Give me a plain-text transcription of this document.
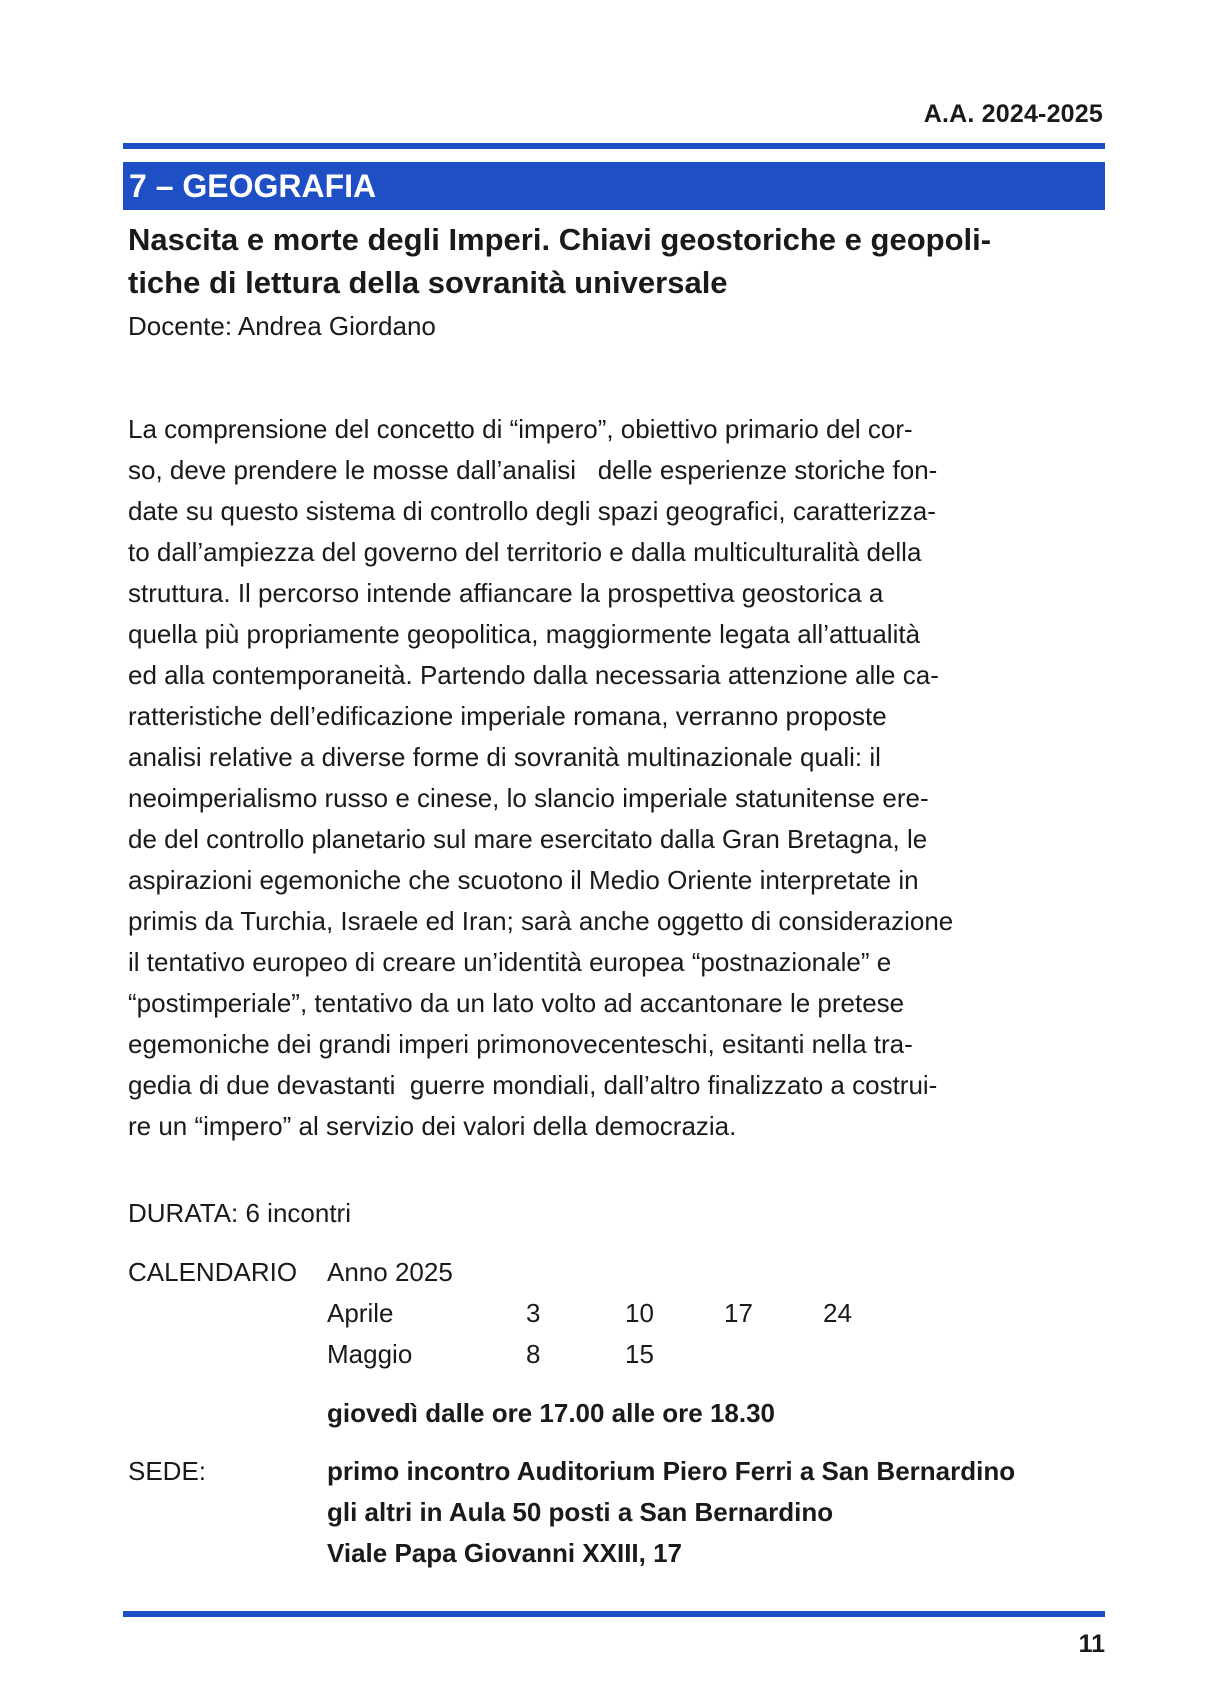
A.A. 2024-2025
7 – GEOGRAFIA
Nascita e morte degli Imperi. Chiavi geostoriche e geopoli-
tiche di lettura della sovranità universale
Docente: Andrea Giordano
La comprensione del concetto di “impero”, obiettivo primario del cor-
so, deve prendere le mosse dall’analisi   delle esperienze storiche fon-
date su questo sistema di controllo degli spazi geografici, caratterizza-
to dall’ampiezza del governo del territorio e dalla multiculturalità della
struttura. Il percorso intende affiancare la prospettiva geostorica a
quella più propriamente geopolitica, maggiormente legata all’attualità
ed alla contemporaneità. Partendo dalla necessaria attenzione alle ca-
ratteristiche dell’edificazione imperiale romana, verranno proposte
analisi relative a diverse forme di sovranità multinazionale quali: il
neoimperialismo russo e cinese, lo slancio imperiale statunitense ere-
de del controllo planetario sul mare esercitato dalla Gran Bretagna, le
aspirazioni egemoniche che scuotono il Medio Oriente interpretate in
primis da Turchia, Israele ed Iran; sarà anche oggetto di considerazione
il tentativo europeo di creare un’identità europea “postnazionale” e
“postimperiale”, tentativo da un lato volto ad accantonare le pretese
egemoniche dei grandi imperi primonovecenteschi, esitanti nella tra-
gedia di due devastanti  guerre mondiali, dall’altro finalizzato a costrui-
re un “impero” al servizio dei valori della democrazia.
DURATA: 6 incontri
CALENDARIO Anno 2025
Aprile	3	10	17	24
Maggio	8	15
giovedì dalle ore 17.00 alle ore 18.30
SEDE:	primo incontro Auditorium Piero Ferri a San Bernardino
gli altri in Aula 50 posti a San Bernardino
Viale Papa Giovanni XXIII, 17
11
